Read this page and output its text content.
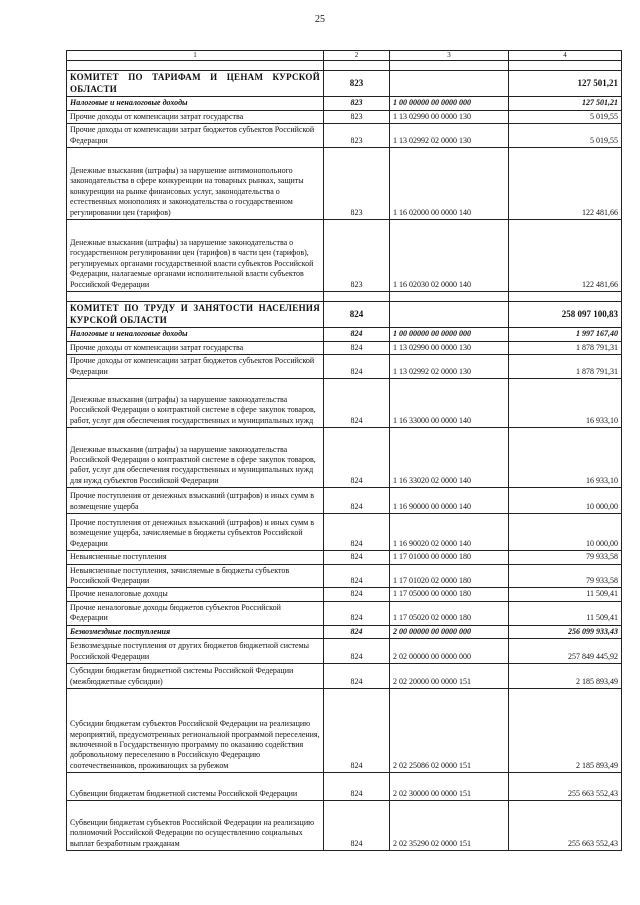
25
1	2	3	4

КОМИТЕТ ПО ТАРИФАМ И ЦЕНАМ КУРСКОЙ ОБЛАСТИ	823		127 501,21
Налоговые и неналоговые доходы	823	1 00 00000 00 0000 000	127 501,21
Прочие доходы от компенсации затрат государства	823	1 13 02990 00 0000 130	5 019,55
Прочие доходы от компенсации затрат бюджетов субъектов Российской Федерации	823	1 13 02992 02 0000 130	5 019,55
Денежные взыскания (штрафы) за нарушение антимонопольного законодательства в сфере конкуренции на товарных рынках, защиты конкуренции на рынке финансовых услуг, законодательства о естественных монополиях и законодательства о государственном регулировании цен (тарифов)	823	1 16 02000 00 0000 140	122 481,66
Денежные взыскания (штрафы) за нарушение законодательства о государственном регулировании цен (тарифов) в части цен (тарифов), регулируемых органами государственной власти субъектов Российской Федерации, налагаемые органами исполнительной власти субъектов Российской Федерации	823	1 16 02030 02 0000 140	122 481,66

КОМИТЕТ ПО ТРУДУ И ЗАНЯТОСТИ НАСЕЛЕНИЯ КУРСКОЙ ОБЛАСТИ	824		258 097 100,83
Налоговые и неналоговые доходы	824	1 00 00000 00 0000 000	1 997 167,40
Прочие доходы от компенсации затрат государства	824	1 13 02990 00 0000 130	1 878 791,31
Прочие доходы от компенсации затрат бюджетов субъектов Российской Федерации	824	1 13 02992 02 0000 130	1 878 791,31
Денежные взыскания (штрафы) за нарушение законодательства Российской Федерации о контрактной системе в сфере закупок товаров, работ, услуг для обеспечения государственных и муниципальных нужд	824	1 16 33000 00 0000 140	16 933,10
Денежные взыскания (штрафы) за нарушение законодательства Российской Федерации о контрактной системе в сфере закупок товаров, работ, услуг для обеспечения государственных и муниципальных нужд для нужд субъектов Российской Федерации	824	1 16 33020 02 0000 140	16 933,10
Прочие поступления от денежных взысканий (штрафов) и иных сумм в возмещение ущерба	824	1 16 90000 00 0000 140	10 000,00
Прочие поступления от денежных взысканий (штрафов) и иных сумм в возмещение ущерба, зачисляемые в бюджеты субъектов Российской Федерации	824	1 16 90020 02 0000 140	10 000,00
Невыясненные поступления	824	1 17 01000 00 0000 180	79 933,58
Невыясненные поступления, зачисляемые в бюджеты субъектов Российской Федерации	824	1 17 01020 02 0000 180	79 933,58
Прочие неналоговые доходы	824	1 17 05000 00 0000 180	11 509,41
Прочие неналоговые доходы бюджетов субъектов Российской Федерации	824	1 17 05020 02 0000 180	11 509,41
Безвозмездные поступления	824	2 00 00000 00 0000 000	256 099 933,43
Безвозмездные поступления от других бюджетов бюджетной системы Российской Федерации	824	2 02 00000 00 0000 000	257 849 445,92
Субсидии бюджетам бюджетной системы Российской Федерации (межбюджетные субсидии)	824	2 02 20000 00 0000 151	2 185 893,49
Субсидии бюджетам субъектов Российской Федерации на реализацию мероприятий, предусмотренных региональной программой переселения, включенной в Государственную программу по оказанию содействия добровольному переселению в Российскую Федерацию соотечественников, проживающих за рубежом	824	2 02 25086 02 0000 151	2 185 893,49
Субвенции бюджетам бюджетной системы Российской Федерации	824	2 02 30000 00 0000 151	255 663 552,43
Субвенции бюджетам субъектов Российской Федерации на реализацию полномочий Российской Федерации по осуществлению социальных выплат безработным гражданам	824	2 02 35290 02 0000 151	255 663 552,43
